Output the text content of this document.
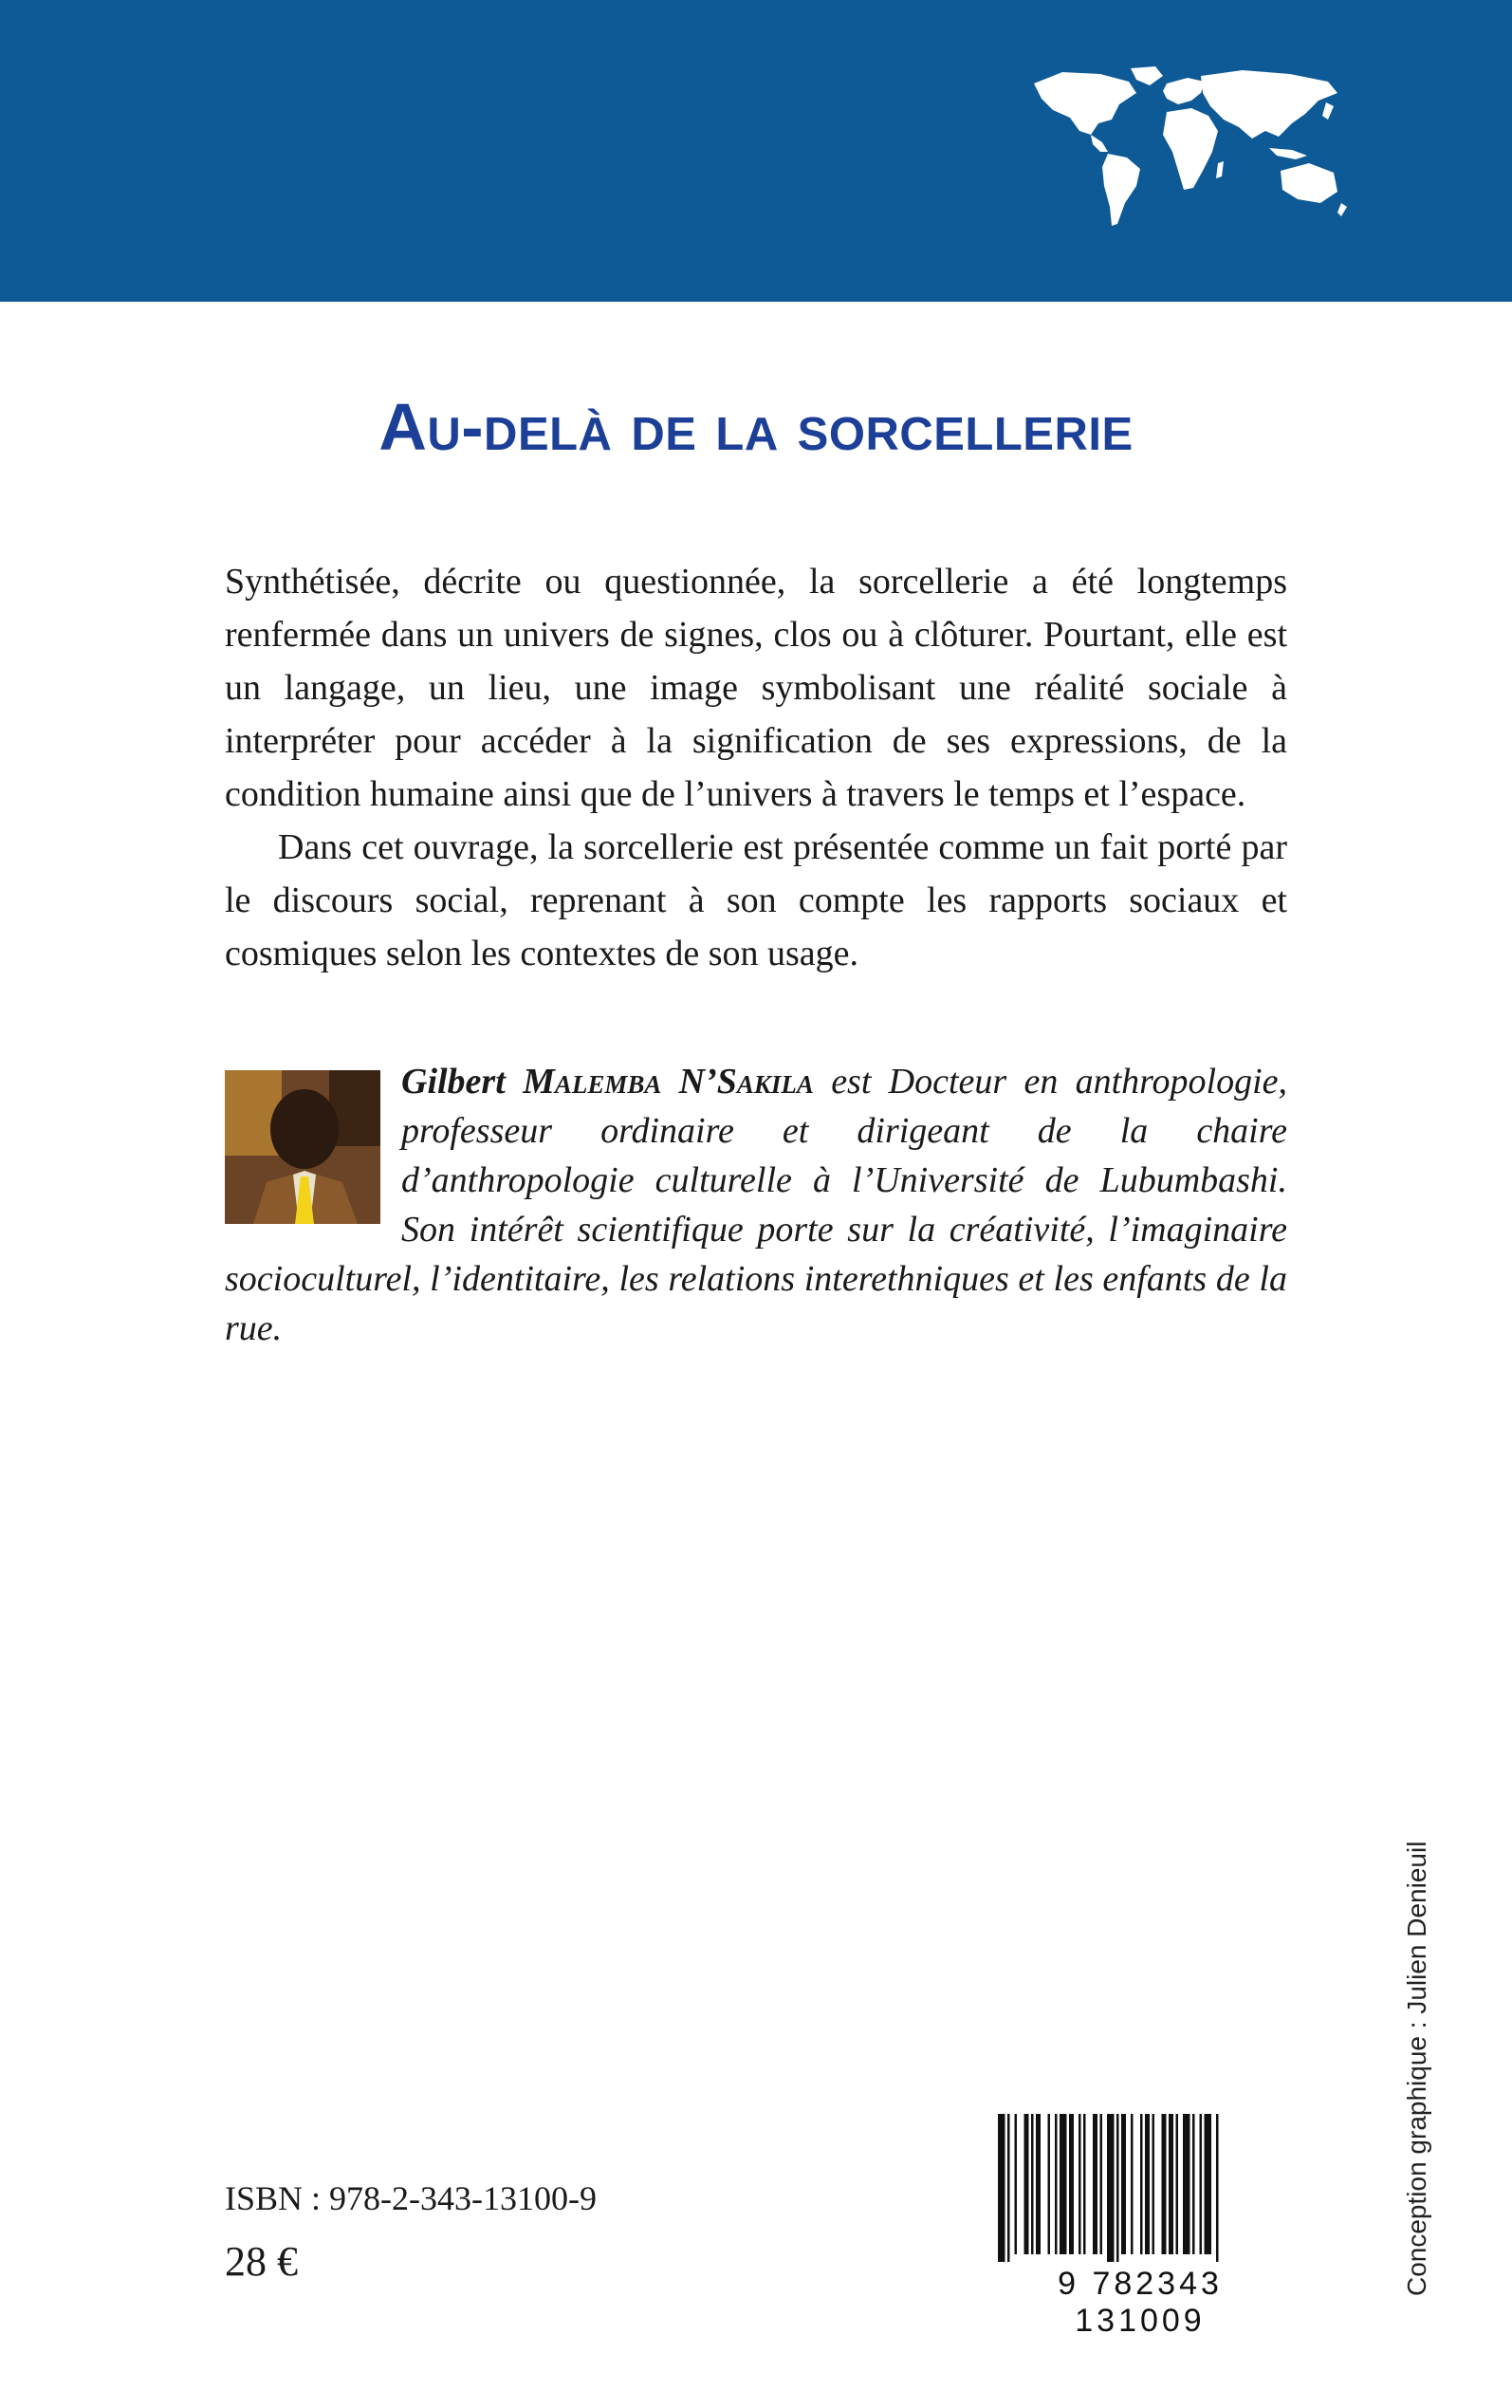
Au-delà de la sorcellerie

Synthétisée, décrite ou questionnée, la sorcellerie a été longtemps renfermée dans un univers de signes, clos ou à clôturer. Pourtant, elle est un langage, un lieu, une image symbolisant une réalité sociale à interpréter pour accéder à la signification de ses expressions, de la condition humaine ainsi que de l’univers à travers le temps et l’espace.

Dans cet ouvrage, la sorcellerie est présentée comme un fait porté par le discours social, reprenant à son compte les rapports sociaux et cosmiques selon les contextes de son usage.

Gilbert Malemba N’Sakila est Docteur en anthropologie, professeur ordinaire et dirigeant de la chaire d’anthropologie culturelle à l’Université de Lubumbashi. Son intérêt scientifique porte sur la créativité, l’imaginaire socioculturel, l’identitaire, les relations interethniques et les enfants de la rue.
ISBN : 978-2-343-13100-9
28 €	9 782343 131009
Conception graphique : Julien Denieuil
